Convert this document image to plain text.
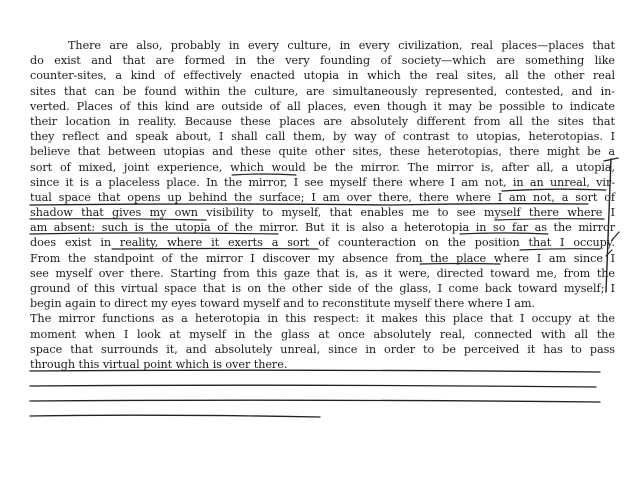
There are also, probably in every culture, in every civilization, real places—places that
do exist and that are formed in the very founding of society—which are something like
counter-sites, a kind of effectively enacted utopia in which the real sites, all the other real
sites that can be found within the culture, are simultaneously represented, contested, and in-
verted. Places of this kind are outside of all places, even though it may be possible to indicate
their location in reality. Because these places are absolutely different from all the sites that
they reflect and speak about, I shall call them, by way of contrast to utopias, heterotopias. I
believe that between utopias and these quite other sites, these heterotopias, there might be a
sort of mixed, joint experience, which would be the mirror. The mirror is, after all, a utopia,
since it is a placeless place. In the mirror, I see myself there where I am not, in an unreal, vir-
tual space that opens up behind the surface; I am over there, there where I am not, a sort of
shadow that gives my own visibility to myself, that enables me to see myself there where I
am absent: such is the utopia of the mirror. But it is also a heterotopia in so far as the mirror
does exist in reality, where it exerts a sort of counteraction on the position that I occupy.
From the standpoint of the mirror I discover my absence from the place where I am since I
see myself over there. Starting from this gaze that is, as it were, directed toward me, from the
ground of this virtual space that is on the other side of the glass, I come back toward myself; I
begin again to direct my eyes toward myself and to reconstitute myself there where I am.
The mirror functions as a heterotopia in this respect: it makes this place that I occupy at the
moment when I look at myself in the glass at once absolutely real, connected with all the
space that surrounds it, and absolutely unreal, since in order to be perceived it has to pass
through this virtual point which is over there.
